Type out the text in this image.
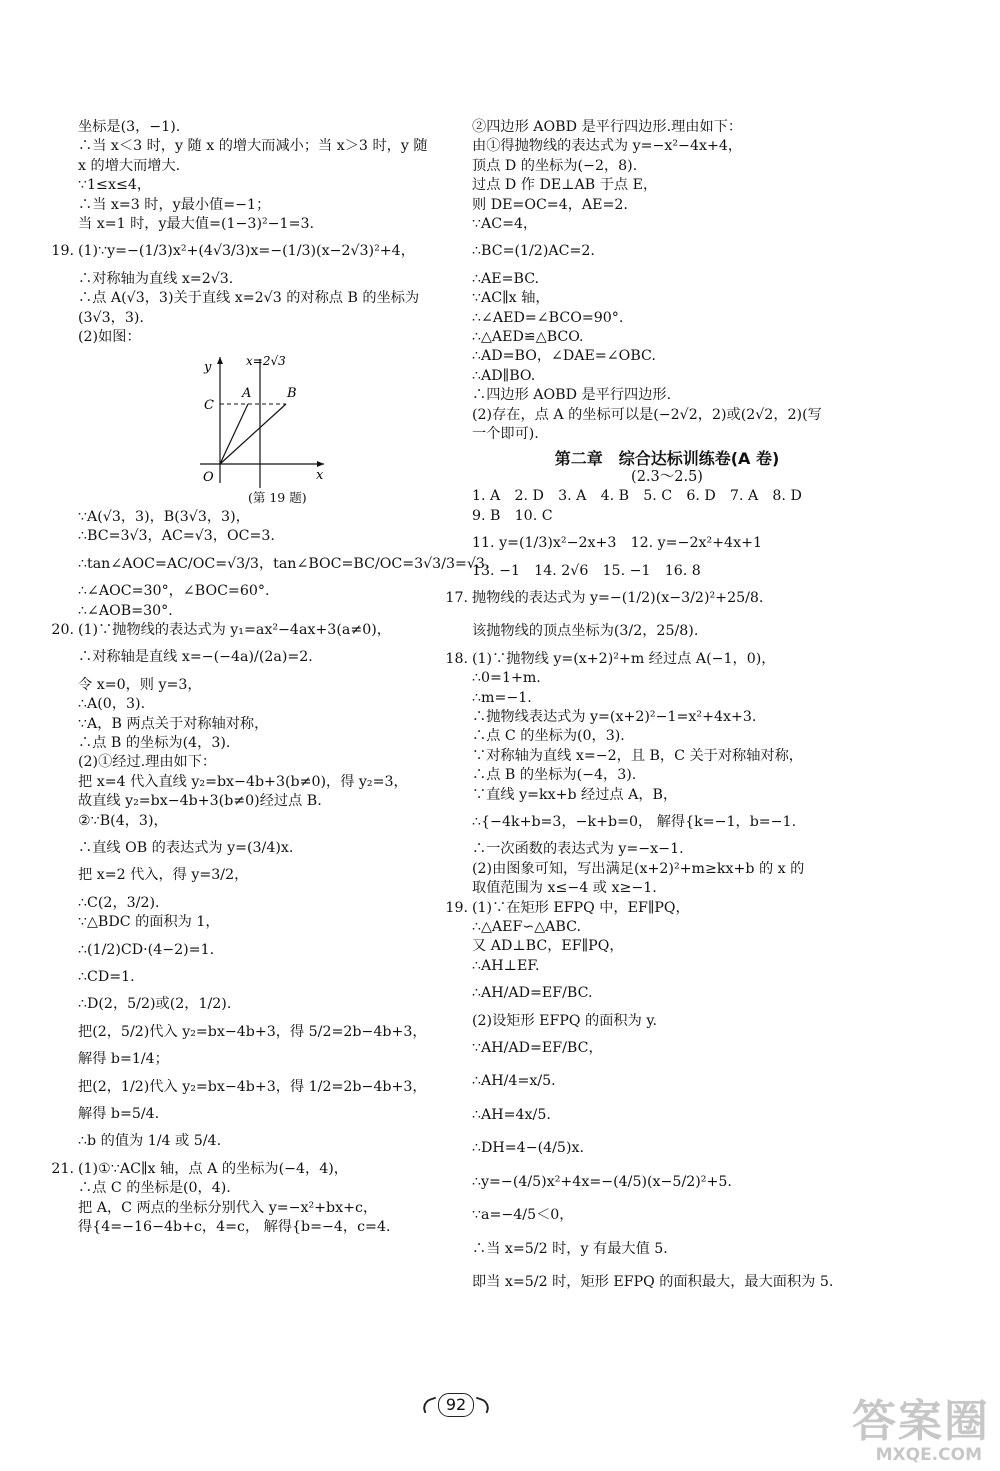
坐标是(3，−1).
∴当 x＜3 时，y 随 x 的增大而减小；当 x＞3 时，y 随
x 的增大而增大.
∵1≤x≤4，
∴当 x=3 时，y最小值=−1；
当 x=1 时，y最大值=(1−3)²−1=3.
19. (1)∵y=−(1/3)x²+(4√3/3)x=−(1/3)(x−2√3)²+4，
∴对称轴为直线 x=2√3.
∴点 A(√3，3)关于直线 x=2√3 的对称点 B 的坐标为
(3√3，3).
(2)如图：
x=2√3
y
x
O
C
A	B
(第 19 题)
∵A(√3，3)，B(3√3，3)，
∴BC=3√3，AC=√3，OC=3.
∴tan∠AOC=AC/OC=√3/3，tan∠BOC=BC/OC=3√3/3=√3.
∴∠AOC=30°，∠BOC=60°.
∴∠AOB=30°.
20. (1)∵抛物线的表达式为 y₁=ax²−4ax+3(a≠0)，
∴对称轴是直线 x=−(−4a)/(2a)=2.
令 x=0，则 y=3，
∴A(0，3).
∵A，B 两点关于对称轴对称，
∴点 B 的坐标为(4，3).
(2)①经过.理由如下：
把 x=4 代入直线 y₂=bx−4b+3(b≠0)，得 y₂=3，
故直线 y₂=bx−4b+3(b≠0)经过点 B.
②∵B(4，3)，
∴直线 OB 的表达式为 y=(3/4)x.
把 x=2 代入，得 y=3/2，
∴C(2，3/2).
∵△BDC 的面积为 1，
∴(1/2)CD·(4−2)=1.
∴CD=1.
∴D(2，5/2)或(2，1/2).
把(2，5/2)代入 y₂=bx−4b+3，得 5/2=2b−4b+3，
解得 b=1/4；
把(2，1/2)代入 y₂=bx−4b+3，得 1/2=2b−4b+3，
解得 b=5/4.
∴b 的值为 1/4 或 5/4.
21. (1)①∵AC∥x 轴，点 A 的坐标为(−4，4)，
∴点 C 的坐标是(0，4).
把 A，C 两点的坐标分别代入 y=−x²+bx+c，
得{4=−16−4b+c，4=c， 解得{b=−4，c=4.
②四边形 AOBD 是平行四边形.理由如下：
由①得抛物线的表达式为 y=−x²−4x+4，
顶点 D 的坐标为(−2，8).
过点 D 作 DE⊥AB 于点 E，
则 DE=OC=4，AE=2.
∵AC=4，
∴BC=(1/2)AC=2.
∴AE=BC.
∵AC∥x 轴，
∴∠AED=∠BCO=90°.
∴△AED≌△BCO.
∴AD=BO，∠DAE=∠OBC.
∴AD∥BO.
∴四边形 AOBD 是平行四边形.
(2)存在，点 A 的坐标可以是(−2√2，2)或(2√2，2)(写
一个即可).
第二章　综合达标训练卷(A 卷)
(2.3～2.5)
1. A　2. D　3. A　4. B　5. C　6. D　7. A　8. D
9. B　10. C
11. y=(1/3)x²−2x+3　12. y=−2x²+4x+1
13. −1　14. 2√6　15. −1　16. 8
17. 抛物线的表达式为 y=−(1/2)(x−3/2)²+25/8.
该抛物线的顶点坐标为(3/2，25/8).
18. (1)∵抛物线 y=(x+2)²+m 经过点 A(−1，0)，
∴0=1+m.
∴m=−1.
∴抛物线表达式为 y=(x+2)²−1=x²+4x+3.
∴点 C 的坐标为(0，3).
∵对称轴为直线 x=−2，且 B，C 关于对称轴对称，
∴点 B 的坐标为(−4，3).
∵直线 y=kx+b 经过点 A，B，
∴{−4k+b=3，−k+b=0， 解得{k=−1，b=−1.
∴一次函数的表达式为 y=−x−1.
(2)由图象可知，写出满足(x+2)²+m≥kx+b 的 x 的
取值范围为 x≤−4 或 x≥−1.
19. (1)∵在矩形 EFPQ 中，EF∥PQ，
∴△AEF∽△ABC.
又 AD⊥BC，EF∥PQ，
∴AH⊥EF.
∴AH/AD=EF/BC.
(2)设矩形 EFPQ 的面积为 y.
∵AH/AD=EF/BC，
∴AH/4=x/5.
∴AH=4x/5.
∴DH=4−(4/5)x.
∴y=−(4/5)x²+4x=−(4/5)(x−5/2)²+5.
∵a=−4/5＜0，
∴当 x=5/2 时，y 有最大值 5.
即当 x=5/2 时，矩形 EFPQ 的面积最大，最大面积为 5.
92	答案圈
MXQE.COM
